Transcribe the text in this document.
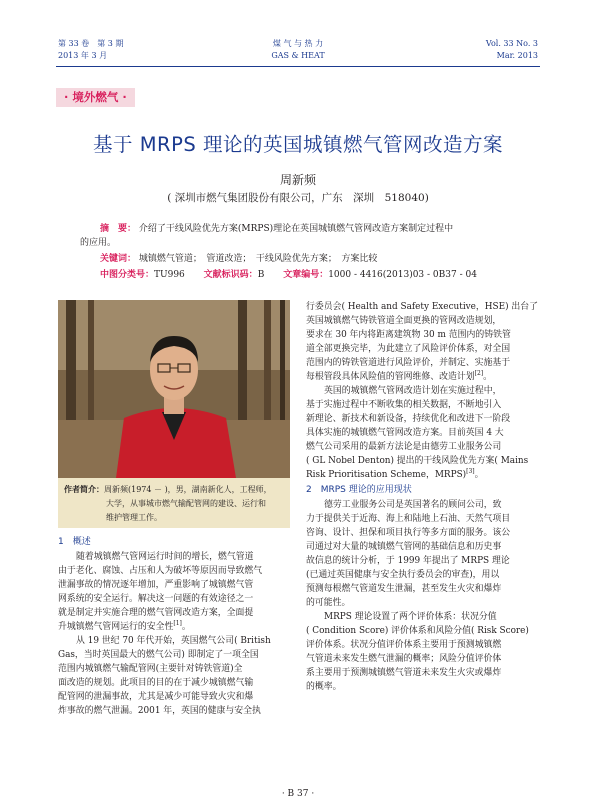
第 33 卷　第 3 期
2013 年 3 月
煤 气 与 热 力
GAS & HEAT
Vol. 33 No. 3
Mar. 2013
· 境外燃气 ·
基于 MRPS 理论的英国城镇燃气管网改造方案
周新频
( 深圳市燃气集团股份有限公司，广东　深圳　518040)
摘　要： 介绍了干线风险优先方案(MRPS)理论在英国城镇燃气管网改造方案制定过程中
的应用。
关键词： 城镇燃气管道；　管道改造；　干线风险优先方案；　方案比较
中图分类号：TU996 文献标识码：B 文章编号：1000 - 4416(2013)03 - 0B37 - 04
作者简介：周新频(1974 － )，男，湖南新化人，工程师，
大学，从事城市燃气输配管网的建设、运行和
维护管理工作。
1　概述
随着城镇燃气管网运行时间的增长，燃气管道
由于老化、腐蚀、占压和人为破坏等原因而导致燃气
泄漏事故的情况逐年增加，严重影响了城镇燃气管
网系统的安全运行。解决这一问题的有效途径之一
就是制定并实施合理的燃气管网改造方案，全面提
升城镇燃气管网运行的安全性[1]。
从 19 世纪 70 年代开始，英国燃气公司( British
Gas，当时英国最大的燃气公司) 即制定了一项全国
范围内城镇燃气输配管网(主要针对铸铁管道)全
面改造的规划。此项目的目的在于减少城镇燃气输
配管网的泄漏事故，尤其是减少可能导致火灾和爆
炸事故的燃气泄漏。2001 年，英国的健康与安全执
行委员会( Health and Safety Executive，HSE) 出台了
英国城镇燃气铸铁管道全面更换的管网改造规划，
要求在 30 年内将距离建筑物 30 m 范围内的铸铁管
道全部更换完毕，为此建立了风险评价体系，对全国
范围内的铸铁管道进行风险评价，并制定、实施基于
每根管段具体风险值的管网维修、改造计划[2]。
英国的城镇燃气管网改造计划在实施过程中，
基于实施过程中不断收集的相关数据，不断地引入
新理论、新技术和新设备，持续优化和改进下一阶段
具体实施的城镇燃气管网改造方案。目前英国 4 大
燃气公司采用的最新方法论是由德劳工业服务公司
( GL Nobel Denton) 提出的干线风险优先方案( Mains
Risk Prioritisation Scheme，MRPS)[3]。
2　MRPS 理论的应用现状
德劳工业服务公司是英国著名的顾问公司，致
力于提供关于近海、海上和陆地上石油、天然气项目
咨询、设计、担保和项目执行等多方面的服务。该公
司通过对大量的城镇燃气管网的基础信息和历史事
故信息的统计分析，于 1999 年提出了 MRPS 理论
(已通过英国健康与安全执行委员会的审查)，用以
预测每根燃气管道发生泄漏，甚至发生火灾和爆炸
的可能性。
MRPS 理论设置了两个评价体系：状况分值
( Condition Score) 评价体系和风险分值( Risk Score)
评价体系。状况分值评价体系主要用于预测城镇燃
气管道未来发生燃气泄漏的概率；风险分值评价体
系主要用于预测城镇燃气管道未来发生火灾或爆炸
的概率。
· B 37 ·
